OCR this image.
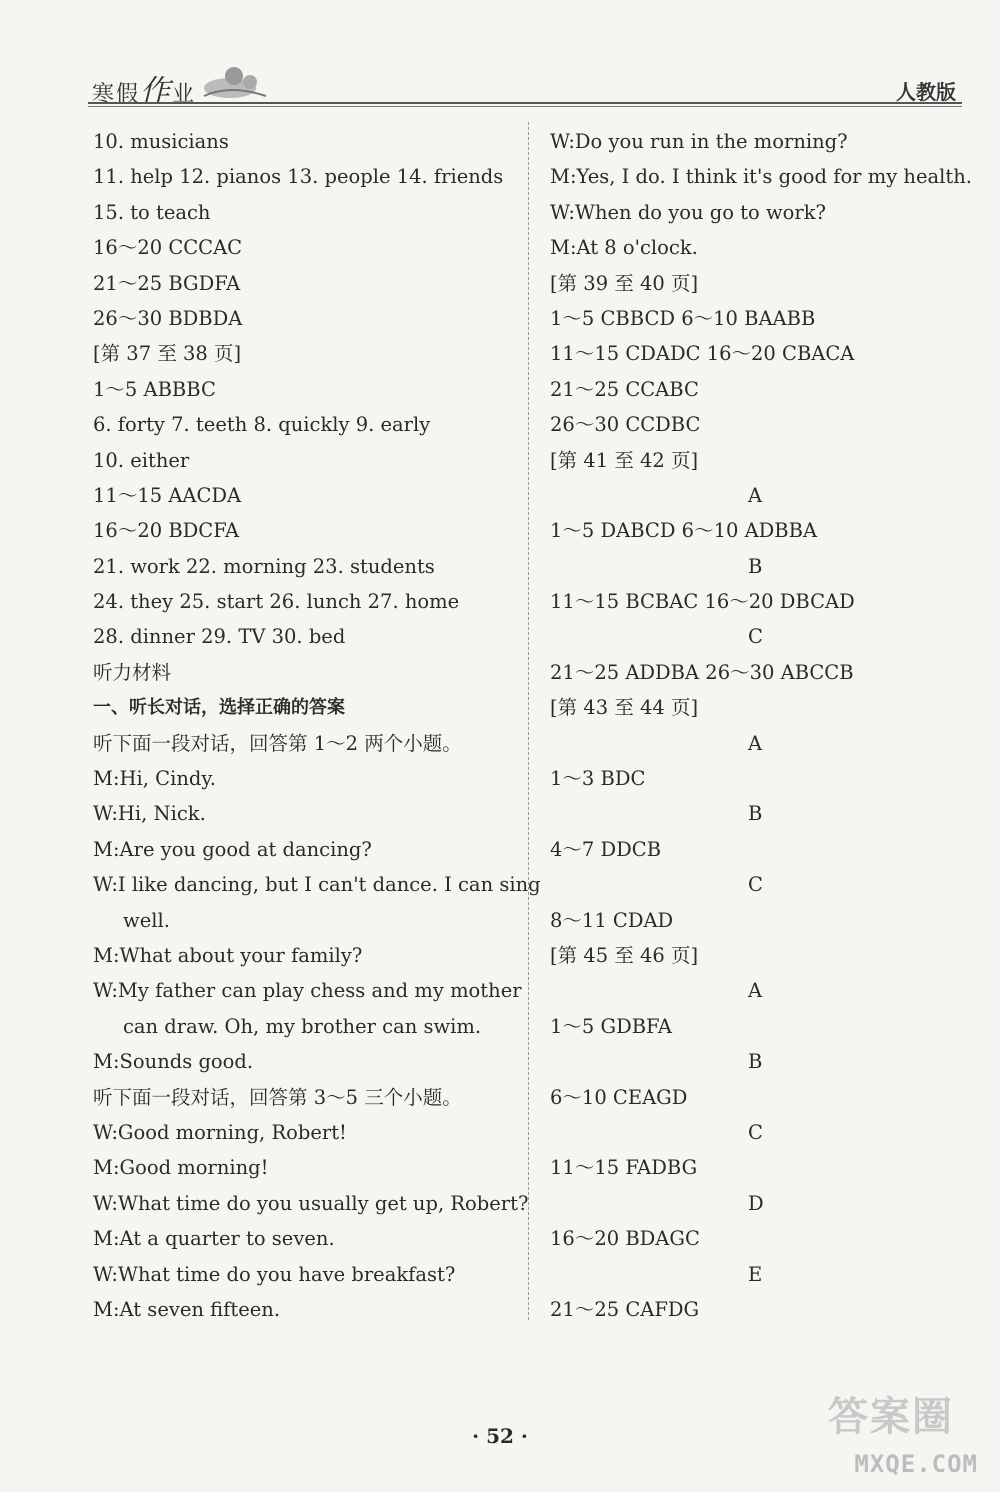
寒假作业	人教版
10. musicians
11. help 12. pianos 13. people 14. friends
15. to teach
16～20 CCCAC
21～25 BGDFA
26～30 BDBDA
[第 37 至 38 页]
1～5 ABBBC
6. forty 7. teeth 8. quickly 9. early
10. either
11～15 AACDA
16～20 BDCFA
21. work 22. morning 23. students
24. they 25. start 26. lunch 27. home
28. dinner 29. TV 30. bed
听力材料
一、听长对话，选择正确的答案
听下面一段对话，回答第 1～2 两个小题。
M:Hi, Cindy.
W:Hi, Nick.
M:Are you good at dancing?
W:I like dancing, but I can't dance. I can sing
well.
M:What about your family?
W:My father can play chess and my mother
can draw. Oh, my brother can swim.
M:Sounds good.
听下面一段对话，回答第 3～5 三个小题。
W:Good morning, Robert!
M:Good morning!
W:What time do you usually get up, Robert?
M:At a quarter to seven.
W:What time do you have breakfast?
M:At seven fifteen.
W:Do you run in the morning?
M:Yes, I do. I think it's good for my health.
W:When do you go to work?
M:At 8 o'clock.
[第 39 至 40 页]
1～5 CBBCD 6～10 BAABB
11～15 CDADC 16～20 CBACA
21～25 CCABC
26～30 CCDBC
[第 41 至 42 页]
A
1～5 DABCD 6～10 ADBBA
B
11～15 BCBAC 16～20 DBCAD
C
21～25 ADDBA 26～30 ABCCB
[第 43 至 44 页]
A
1～3 BDC
B
4～7 DDCB
C
8～11 CDAD
[第 45 至 46 页]
A
1～5 GDBFA
B
6～10 CEAGD
C
11～15 FADBG
D
16～20 BDAGC
E
21～25 CAFDG
· 52 ·	答案圈
MXQE.COM
